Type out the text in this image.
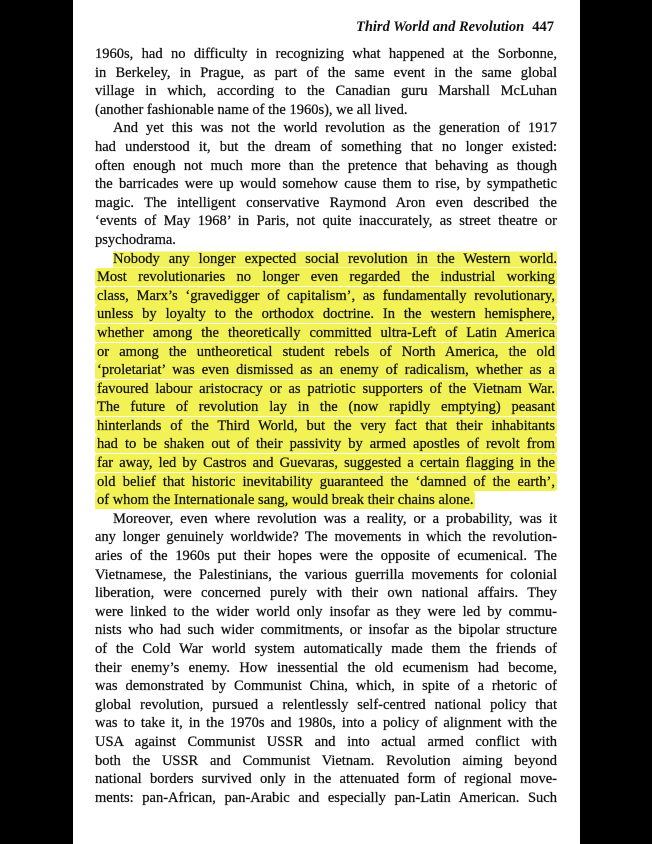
Third World and Revolution 447
1960s, had no difficulty in recognizing what happened at the Sorbonne,
in Berkeley, in Prague, as part of the same event in the same global
village in which, according to the Canadian guru Marshall McLuhan
(another fashionable name of the 1960s), we all lived.
And yet this was not the world revolution as the generation of 1917
had understood it, but the dream of something that no longer existed:
often enough not much more than the pretence that behaving as though
the barricades were up would somehow cause them to rise, by sympathetic
magic. The intelligent conservative Raymond Aron even described the
‘events of May 1968’ in Paris, not quite inaccurately, as street theatre or
psychodrama.
Nobody any longer expected social revolution in the Western world.
Most revolutionaries no longer even regarded the industrial working
class, Marx’s ‘gravedigger of capitalism’, as fundamentally revolutionary,
unless by loyalty to the orthodox doctrine. In the western hemisphere,
whether among the theoretically committed ultra-Left of Latin America
or among the untheoretical student rebels of North America, the old
‘proletariat’ was even dismissed as an enemy of radicalism, whether as a
favoured labour aristocracy or as patriotic supporters of the Vietnam War.
The future of revolution lay in the (now rapidly emptying) peasant
hinterlands of the Third World, but the very fact that their inhabitants
had to be shaken out of their passivity by armed apostles of revolt from
far away, led by Castros and Guevaras, suggested a certain flagging in the
old belief that historic inevitability guaranteed the ‘damned of the earth’,
of whom the Internationale sang, would break their chains alone.
Moreover, even where revolution was a reality, or a probability, was it
any longer genuinely worldwide? The movements in which the revolution-
aries of the 1960s put their hopes were the opposite of ecumenical. The
Vietnamese, the Palestinians, the various guerrilla movements for colonial
liberation, were concerned purely with their own national affairs. They
were linked to the wider world only insofar as they were led by commu-
nists who had such wider commitments, or insofar as the bipolar structure
of the Cold War world system automatically made them the friends of
their enemy’s enemy. How inessential the old ecumenism had become,
was demonstrated by Communist China, which, in spite of a rhetoric of
global revolution, pursued a relentlessly self-centred national policy that
was to take it, in the 1970s and 1980s, into a policy of alignment with the
USA against Communist USSR and into actual armed conflict with
both the USSR and Communist Vietnam. Revolution aiming beyond
national borders survived only in the attenuated form of regional move-
ments: pan-African, pan-Arabic and especially pan-Latin American. Such
